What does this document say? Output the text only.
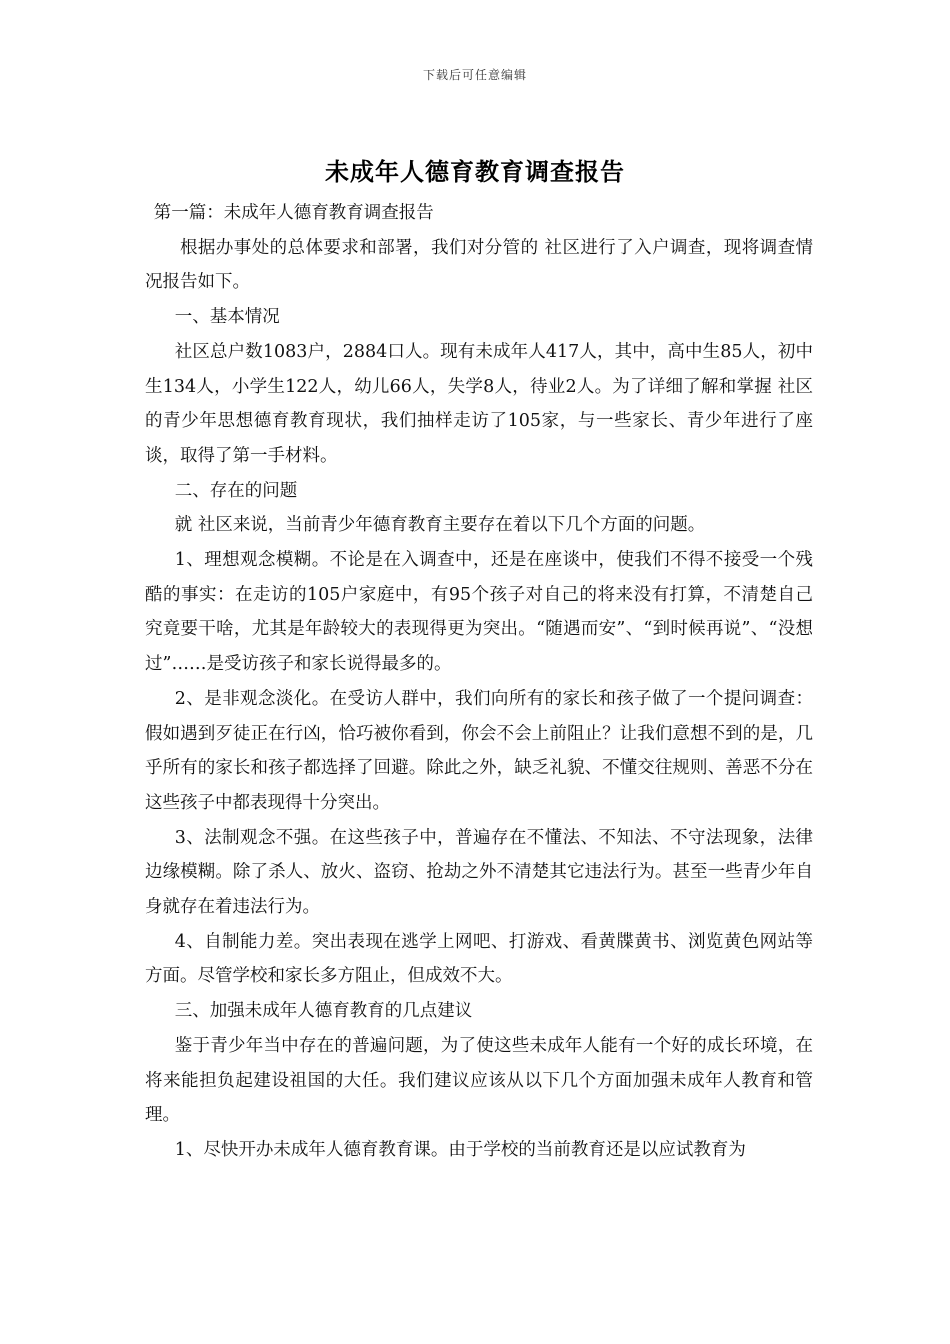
下载后可任意编辑
未成年人德育教育调查报告

第一篇：未成年人德育教育调查报告

根据办事处的总体要求和部署，我们对分管的 社区进行了入户调查，现将调查情况报告如下。

一、基本情况

社区总户数1083户，2884口人。现有未成年人417人，其中，高中生85人，初中生134人，小学生122人，幼儿66人，失学8人，待业2人。为了详细了解和掌握 社区的青少年思想德育教育现状，我们抽样走访了105家，与一些家长、青少年进行了座谈，取得了第一手材料。

二、存在的问题

就 社区来说，当前青少年德育教育主要存在着以下几个方面的问题。

1、理想观念模糊。不论是在入调查中，还是在座谈中，使我们不得不接受一个残酷的事实：在走访的105户家庭中，有95个孩子对自己的将来没有打算，不清楚自己究竟要干啥，尤其是年龄较大的表现得更为突出。“随遇而安”、“到时候再说”、“没想过”……是受访孩子和家长说得最多的。

2、是非观念淡化。在受访人群中，我们向所有的家长和孩子做了一个提问调查：假如遇到歹徒正在行凶，恰巧被你看到，你会不会上前阻止？让我们意想不到的是，几乎所有的家长和孩子都选择了回避。除此之外，缺乏礼貌、不懂交往规则、善恶不分在这些孩子中都表现得十分突出。

3、法制观念不强。在这些孩子中，普遍存在不懂法、不知法、不守法现象，法律边缘模糊。除了杀人、放火、盗窃、抢劫之外不清楚其它违法行为。甚至一些青少年自身就存在着违法行为。

4、自制能力差。突出表现在逃学上网吧、打游戏、看黄牒黄书、浏览黄色网站等方面。尽管学校和家长多方阻止，但成效不大。

三、加强未成年人德育教育的几点建议

鉴于青少年当中存在的普遍问题，为了使这些未成年人能有一个好的成长环境，在将来能担负起建设祖国的大任。我们建议应该从以下几个方面加强未成年人教育和管理。

1、尽快开办未成年人德育教育课。由于学校的当前教育还是以应试教育为
